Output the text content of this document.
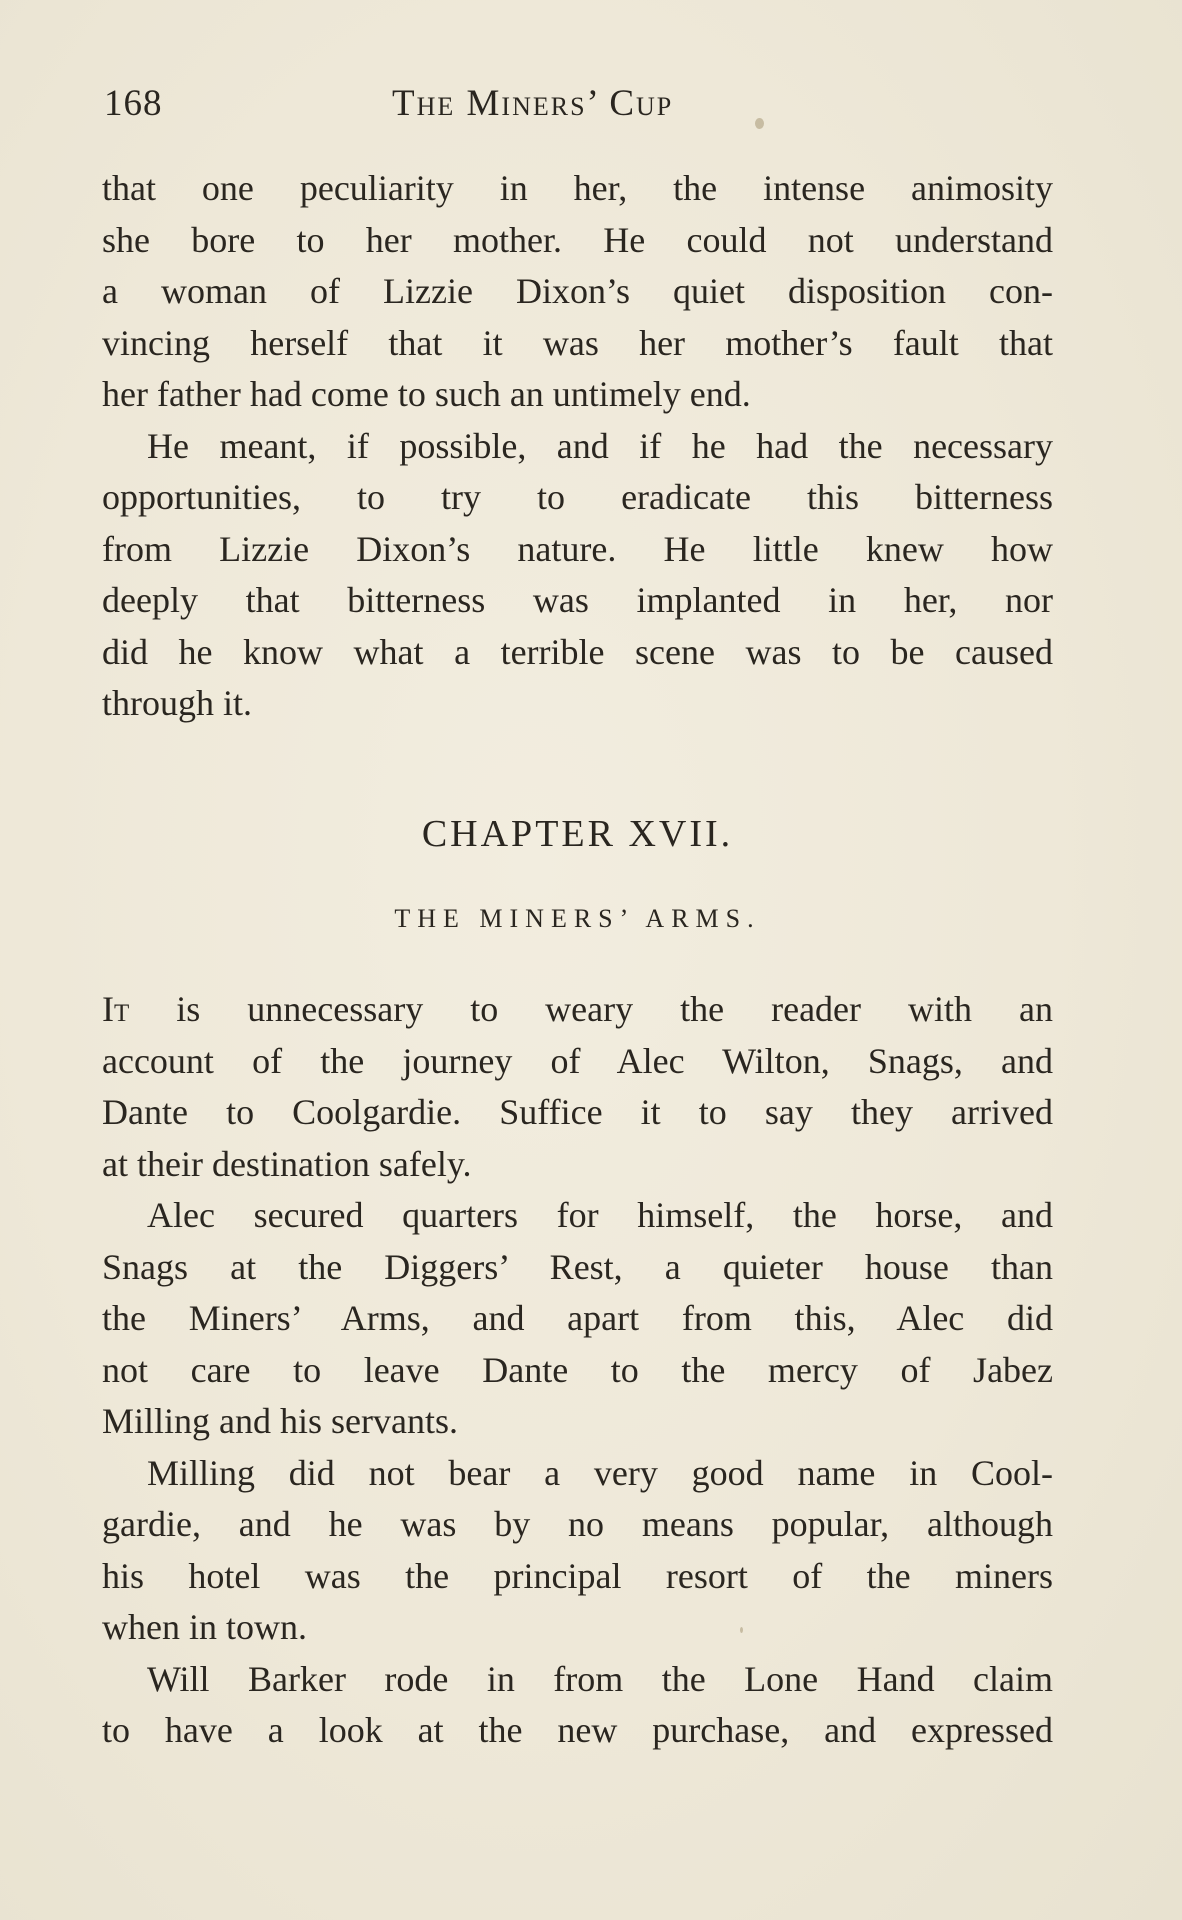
168	The Miners’ Cup
that one peculiarity in her, the intense animosity
she bore to her mother. He could not understand
a woman of Lizzie Dixon’s quiet disposition con-
vincing herself that it was her mother’s fault that
her father had come to such an untimely end.
He meant, if possible, and if he had the necessary
opportunities, to try to eradicate this bitterness
from Lizzie Dixon’s nature. He little knew how
deeply that bitterness was implanted in her, nor
did he know what a terrible scene was to be caused
through it.
CHAPTER XVII.
THE MINERS’ ARMS.
It is unnecessary to weary the reader with an
account of the journey of Alec Wilton, Snags, and
Dante to Coolgardie. Suffice it to say they arrived
at their destination safely.
Alec secured quarters for himself, the horse, and
Snags at the Diggers’ Rest, a quieter house than
the Miners’ Arms, and apart from this, Alec did
not care to leave Dante to the mercy of Jabez
Milling and his servants.
Milling did not bear a very good name in Cool-
gardie, and he was by no means popular, although
his hotel was the principal resort of the miners
when in town.
Will Barker rode in from the Lone Hand claim
to have a look at the new purchase, and expressed
